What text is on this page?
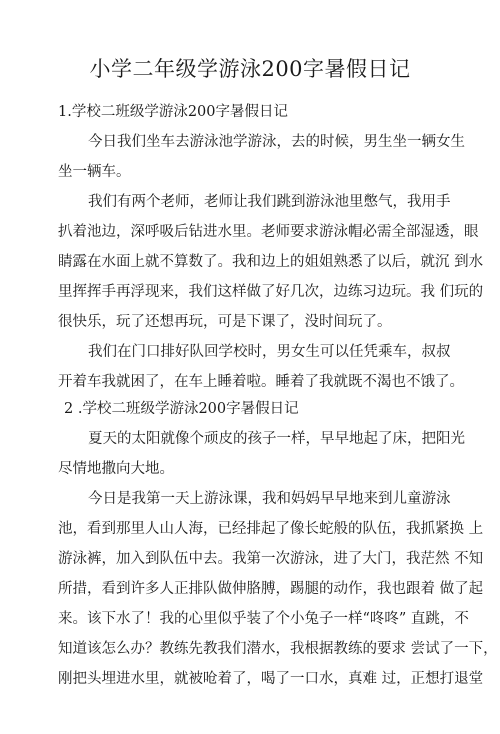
小学二年级学游泳200字暑假日记
1.学校二班级学游泳200字暑假日记
今日我们坐车去游泳池学游泳，去的时候，男生坐一辆女生
坐一辆车。
我们有两个老师，老师让我们跳到游泳池里憋气，我用手
扒着池边，深呼吸后钻进水里。老师要求游泳帽必需全部湿透，眼
睛露在水面上就不算数了。我和边上的姐姐熟悉了以后，就沉 到水
里挥挥手再浮现来，我们这样做了好几次，边练习边玩。我 们玩的
很快乐，玩了还想再玩，可是下课了，没时间玩了。
我们在门口排好队回学校时，男女生可以任凭乘车，叔叔
开着车我就困了，在车上睡着啦。睡着了我就既不渴也不饿了。
2 .学校二班级学游泳200字暑假日记
夏天的太阳就像个顽皮的孩子一样，早早地起了床，把阳光
尽情地撒向大地。
今日是我第一天上游泳课，我和妈妈早早地来到儿童游泳
池，看到那里人山人海，已经排起了像长蛇般的队伍，我抓紧换 上
游泳裤，加入到队伍中去。我第一次游泳，进了大门，我茫然 不知
所措，看到许多人正排队做伸胳膊，踢腿的动作，我也跟着 做了起
来。该下水了！我的心里似乎装了个小兔子一样“咚咚” 直跳，不
知道该怎么办？教练先教我们潜水，我根据教练的要求 尝试了一下，
刚把头埋进水里，就被呛着了，喝了一口水，真难 过，正想打退堂
